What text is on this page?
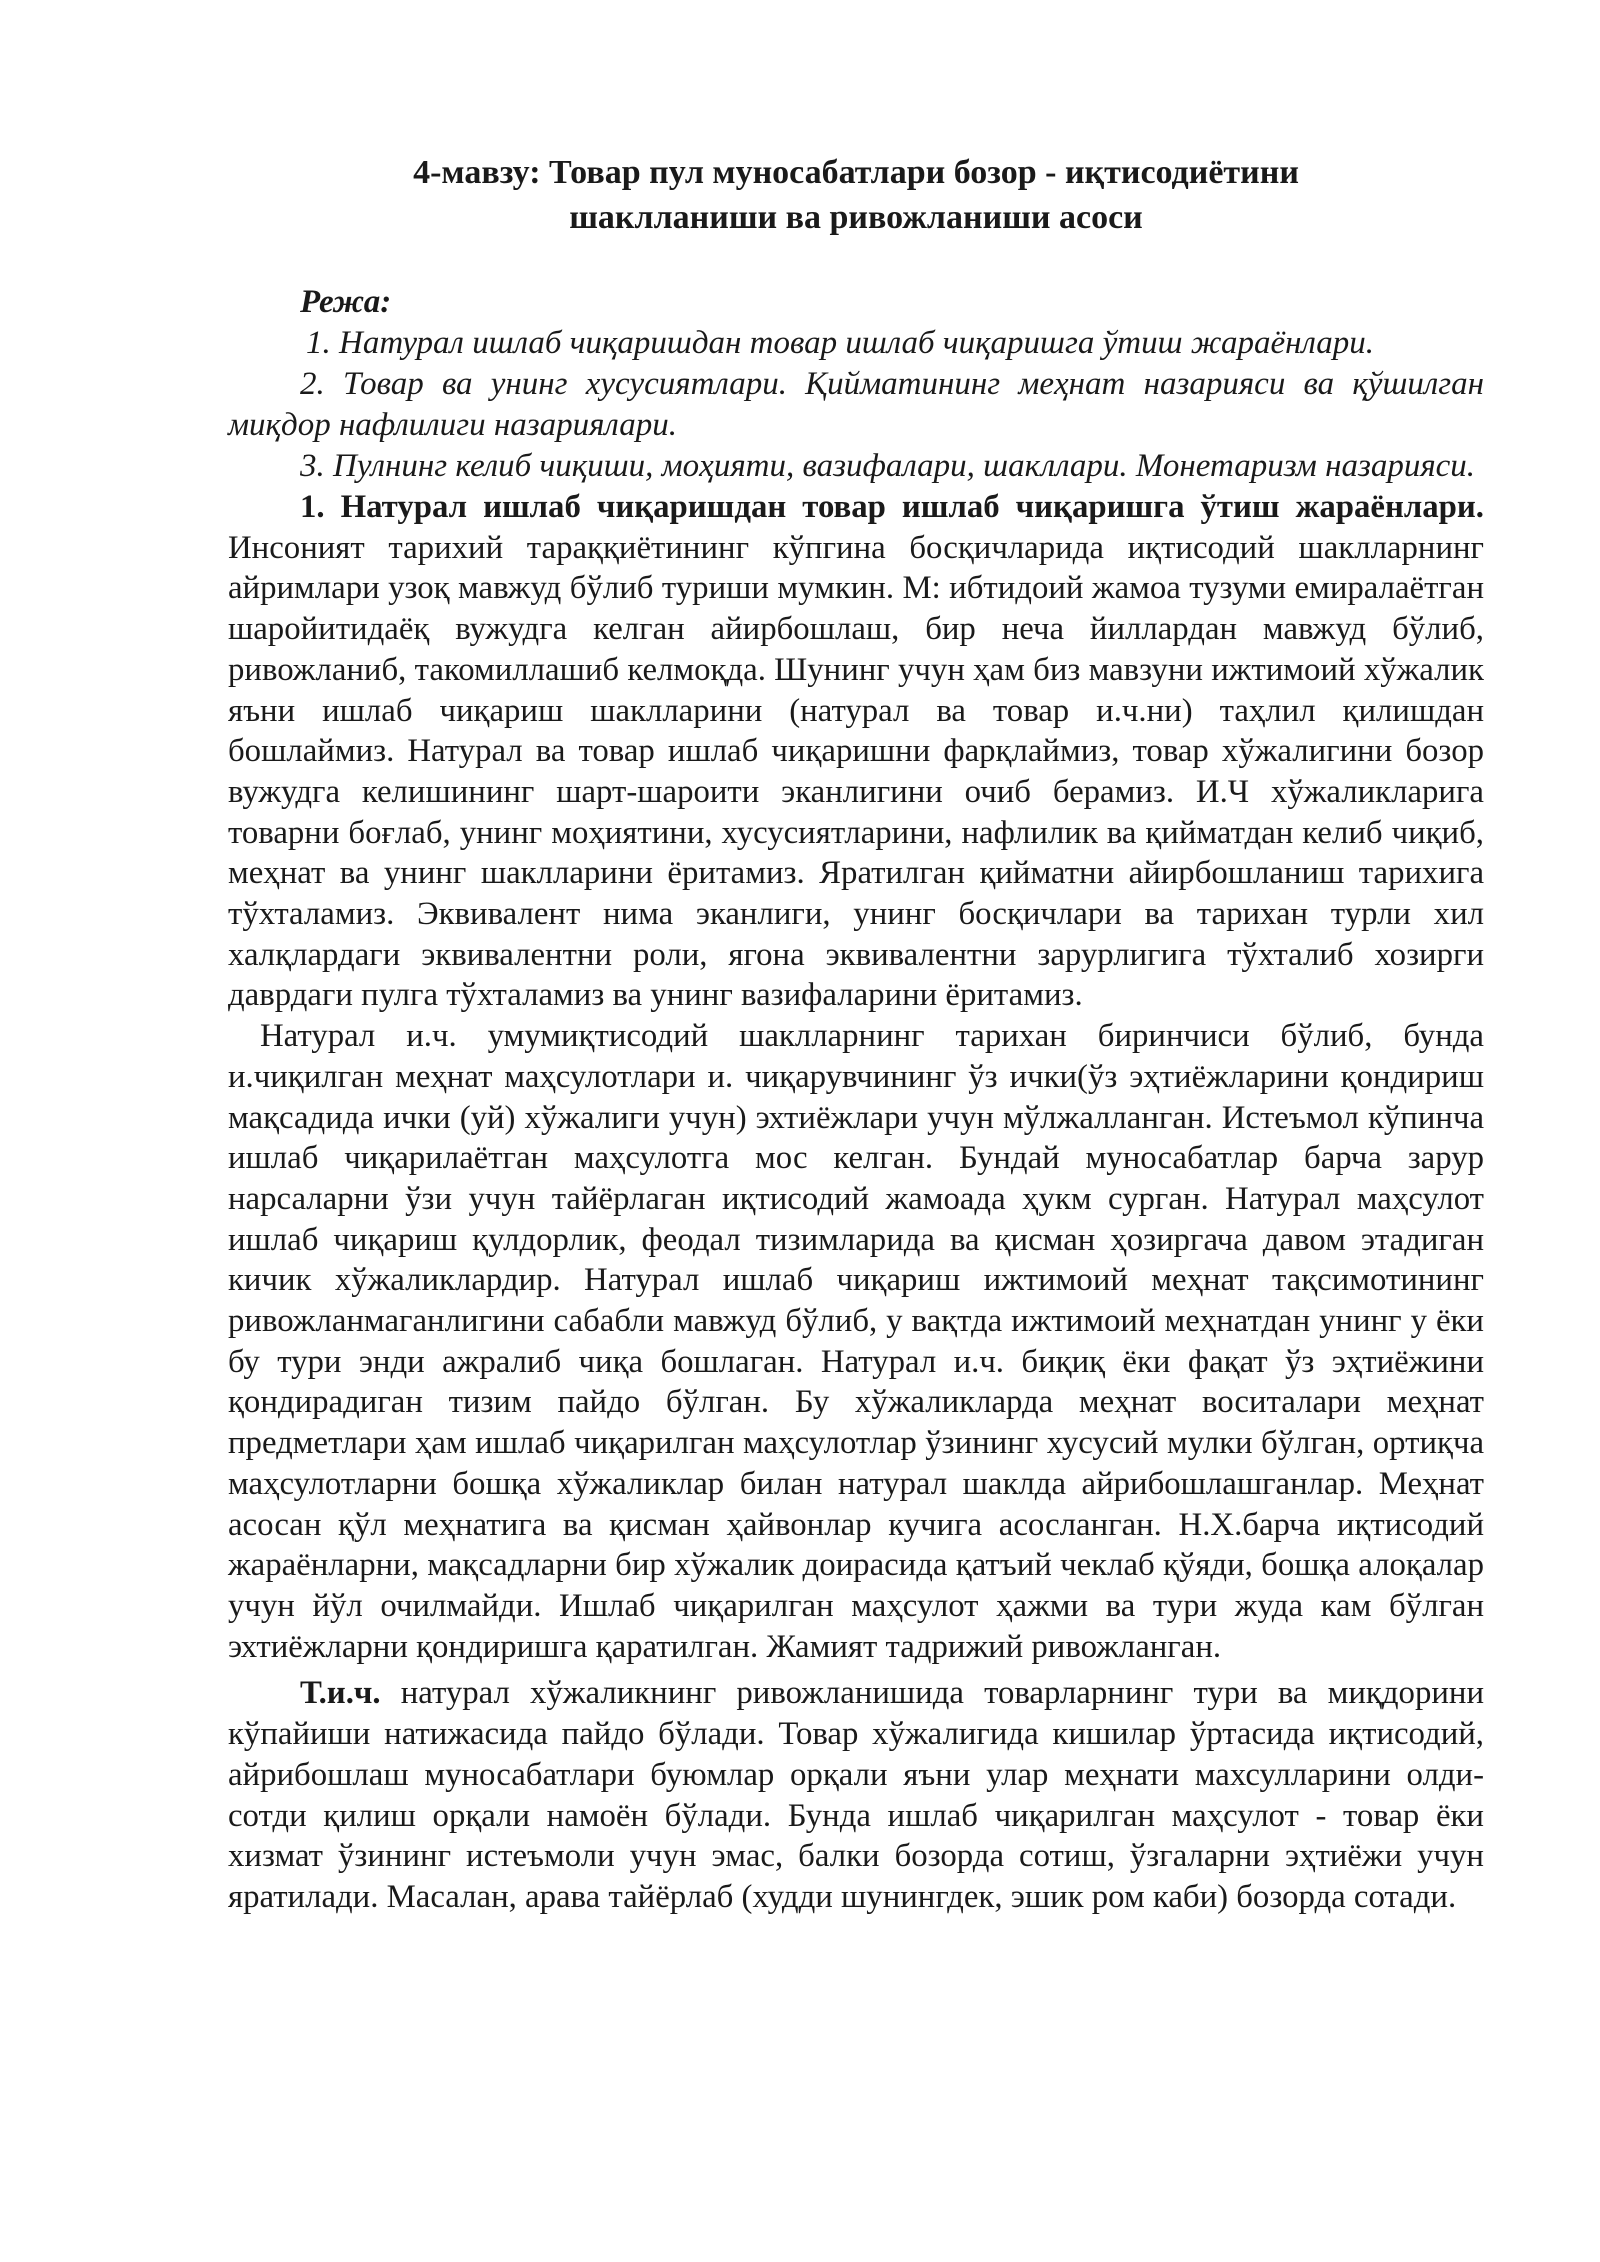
4-мавзу: Товар пул муносабатлари бозор - иқтисодиётини
шаклланиши ва ривожланиши асоси

Режа:

1. Натурал ишлаб чиқаришдан товар ишлаб чиқаришга ўтиш жараёнлари.

2. Товар ва унинг хусусиятлари. Қийматининг меҳнат назарияси ва қўшилган миқдор нафлилиги назариялари.

3. Пулнинг келиб чиқиши, моҳияти, вазифалари, шакллари. Монетаризм назарияси.

1. Натурал ишлаб чиқаришдан товар ишлаб чиқаришга ўтиш жараёнлари. Инсоният тарихий тараққиётининг кўпгина босқичларида иқтисодий шаклларнинг айримлари узоқ мавжуд бўлиб туриши мумкин. М: ибтидоий жамоа тузуми емиралаётган шаройитидаёқ вужудга келган айирбошлаш, бир неча йиллардан мавжуд бўлиб, ривожланиб, такомиллашиб келмоқда. Шунинг учун ҳам биз мавзуни ижтимоий хўжалик яъни ишлаб чиқариш шаклларини (натурал ва товар и.ч.ни) таҳлил қилишдан бошлаймиз. Натурал ва товар ишлаб чиқаришни фарқлаймиз, товар хўжалигини бозор вужудга келишининг шарт-шароити эканлигини очиб берамиз. И.Ч хўжаликларига товарни боғлаб, унинг моҳиятини, хусусиятларини, нафлилик ва қийматдан келиб чиқиб, меҳнат ва унинг шаклларини ёритамиз. Яратилган қийматни айирбошланиш тарихига тўхталамиз. Эквивалент нима эканлиги, унинг босқичлари ва тарихан турли хил халқлардаги эквивалентни роли, ягона эквивалентни зарурлигига тўхталиб хозирги даврдаги пулга тўхталамиз ва унинг вазифаларини ёритамиз.

Натурал и.ч. умумиқтисодий шаклларнинг тарихан биринчиси бўлиб, бунда и.чиқилган меҳнат маҳсулотлари и. чиқарувчининг ўз ички(ўз эҳтиёжларини қондириш мақсадида ички (уй) хўжалиги учун) эхтиёжлари учун мўлжалланган. Истеъмол кўпинча ишлаб чиқарилаётган маҳсулотга мос келган. Бундай муносабатлар барча зарур нарсаларни ўзи учун тайёрлаган иқтисодий жамоада ҳукм сурган. Натурал маҳсулот ишлаб чиқариш қулдорлик, феодал тизимларида ва қисман ҳозиргача давом этадиган кичик хўжаликлардир. Натурал ишлаб чиқариш ижтимоий меҳнат тақсимотининг ривожланмаганлигини сабабли мавжуд бўлиб, у вақтда ижтимоий меҳнатдан унинг у ёки бу тури энди ажралиб чиқа бошлаган. Натурал и.ч. биқиқ ёки фақат ўз эҳтиёжини қондирадиган тизим пайдо бўлган. Бу хўжаликларда меҳнат воситалари меҳнат предметлари ҳам ишлаб чиқарилган маҳсулотлар ўзининг хусусий мулки бўлган, ортиқча маҳсулотларни бошқа хўжаликлар билан натурал шаклда айрибошлашганлар. Меҳнат асосан қўл меҳнатига ва қисман ҳайвонлар кучига асосланган. Н.Х.барча иқтисодий жараёнларни, мақсадларни бир хўжалик доирасида қатъий чеклаб қўяди, бошқа алоқалар учун йўл очилмайди. Ишлаб чиқарилган маҳсулот ҳажми ва тури жуда кам бўлган эхтиёжларни қондиришга қаратилган. Жамият тадрижий ривожланган.

Т.и.ч. натурал хўжаликнинг ривожланишида товарларнинг тури ва миқдорини кўпайиши натижасида пайдо бўлади. Товар хўжалигида кишилар ўртасида иқтисодий, айрибошлаш муносабатлари буюмлар орқали яъни улар меҳнати махсулларини олди-сотди қилиш орқали намоён бўлади. Бунда ишлаб чиқарилган маҳсулот - товар ёки хизмат ўзининг истеъмоли учун эмас, балки бозорда сотиш, ўзгаларни эҳтиёжи учун яратилади. Масалан, арава тайёрлаб (худди шунингдек, эшик ром каби) бозорда сотади.
